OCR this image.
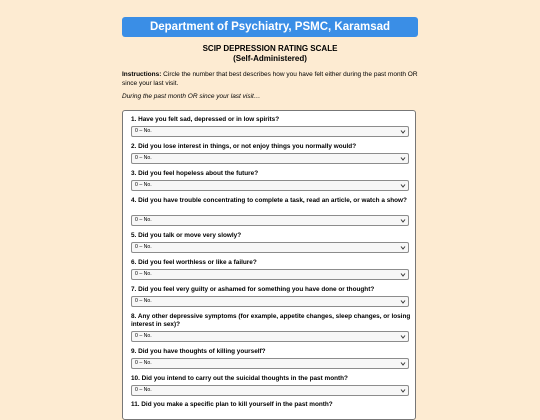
Department of Psychiatry, PSMC, Karamsad
SCIP DEPRESSION RATING SCALE
(Self-Administered)
Instructions: Circle the number that best describes how you have felt either during the past month OR since your last visit.
During the past month OR since your last visit…
1. Have you felt sad, depressed or in low spirits?
0 – No.
2. Did you lose interest in things, or not enjoy things you normally would?
0 – No.
3. Did you feel hopeless about the future?
0 – No.
4. Did you have trouble concentrating to complete a task, read an article, or watch a show?
0 – No.
5. Did you talk or move very slowly?
0 – No.
6. Did you feel worthless or like a failure?
0 – No.
7. Did you feel very guilty or ashamed for something you have done or thought?
0 – No.
8. Any other depressive symptoms (for example, appetite changes, sleep changes, or losing interest in sex)?
0 – No.
9. Did you have thoughts of killing yourself?
0 – No.
10. Did you intend to carry out the suicidal thoughts in the past month?
0 – No.
11. Did you make a specific plan to kill yourself in the past month?
